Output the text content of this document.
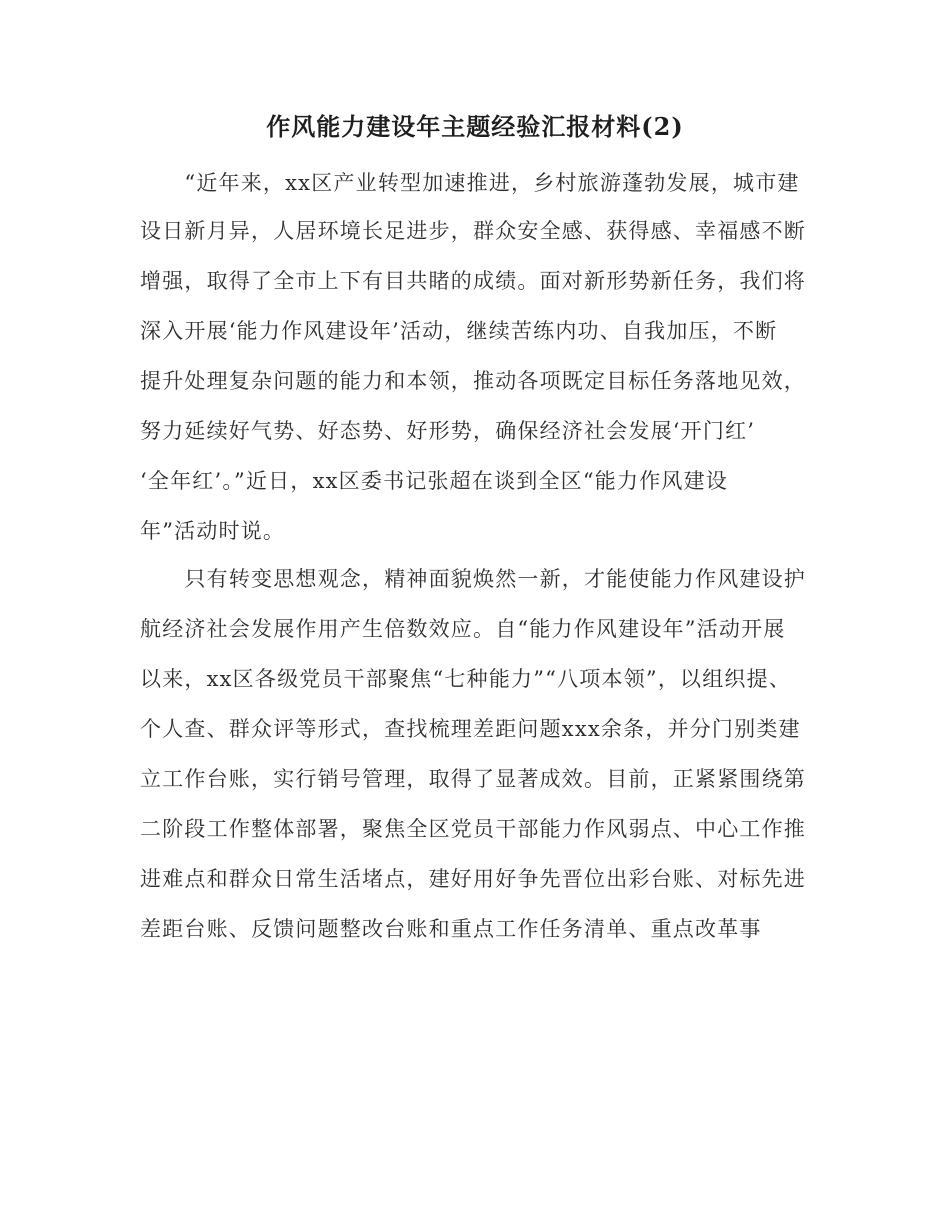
作风能力建设年主题经验汇报材料(2)
　　“近年来，xx区产业转型加速推进，乡村旅游蓬勃发展，城市建
设日新月异，人居环境长足进步，群众安全感、获得感、幸福感不断
增强，取得了全市上下有目共睹的成绩。面对新形势新任务，我们将
深入开展‘能力作风建设年’活动，继续苦练内功、自我加压，不断
提升处理复杂问题的能力和本领，推动各项既定目标任务落地见效，
努力延续好气势、好态势、好形势，确保经济社会发展‘开门红’
‘全年红’。”近日，xx区委书记张超在谈到全区“能力作风建设
年”活动时说。
　　只有转变思想观念，精神面貌焕然一新，才能使能力作风建设护
航经济社会发展作用产生倍数效应。自“能力作风建设年”活动开展
以来，xx区各级党员干部聚焦“七种能力”“八项本领”，以组织提、
个人查、群众评等形式，查找梳理差距问题xxx余条，并分门别类建
立工作台账，实行销号管理，取得了显著成效。目前，正紧紧围绕第
二阶段工作整体部署，聚焦全区党员干部能力作风弱点、中心工作推
进难点和群众日常生活堵点，建好用好争先晋位出彩台账、对标先进
差距台账、反馈问题整改台账和重点工作任务清单、重点改革事
